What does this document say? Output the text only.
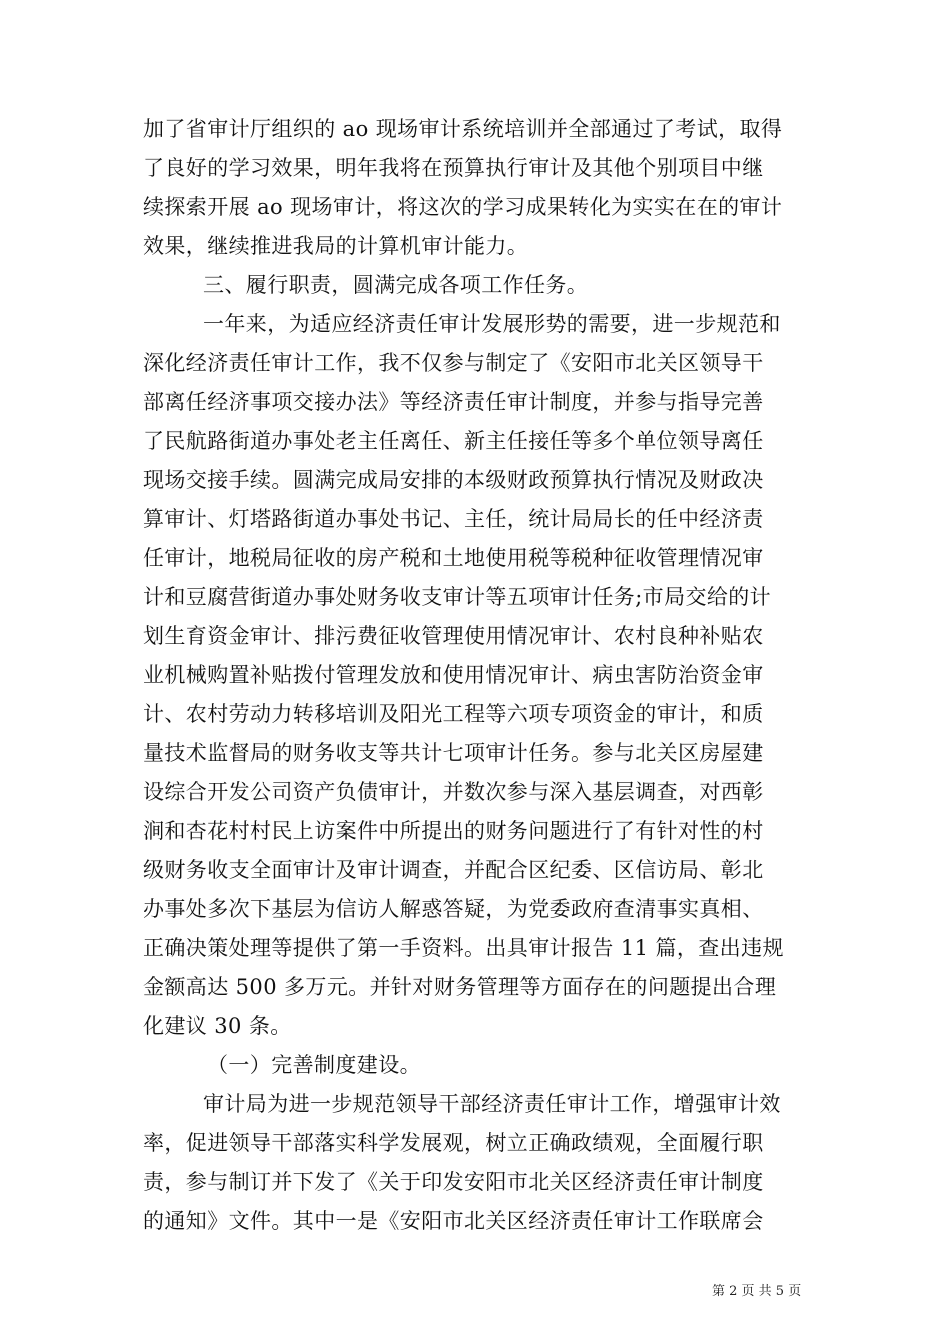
加了省审计厅组织的 ao 现场审计系统培训并全部通过了考试，取得
了良好的学习效果，明年我将在预算执行审计及其他个别项目中继
续探索开展 ao 现场审计，将这次的学习成果转化为实实在在的审计
效果，继续推进我局的计算机审计能力。
三、履行职责，圆满完成各项工作任务。
一年来，为适应经济责任审计发展形势的需要，进一步规范和
深化经济责任审计工作，我不仅参与制定了《安阳市北关区领导干
部离任经济事项交接办法》等经济责任审计制度，并参与指导完善
了民航路街道办事处老主任离任、新主任接任等多个单位领导离任
现场交接手续。圆满完成局安排的本级财政预算执行情况及财政决
算审计、灯塔路街道办事处书记、主任，统计局局长的任中经济责
任审计，地税局征收的房产税和土地使用税等税种征收管理情况审
计和豆腐营街道办事处财务收支审计等五项审计任务;市局交给的计
划生育资金审计、排污费征收管理使用情况审计、农村良种补贴农
业机械购置补贴拨付管理发放和使用情况审计、病虫害防治资金审
计、农村劳动力转移培训及阳光工程等六项专项资金的审计，和质
量技术监督局的财务收支等共计七项审计任务。参与北关区房屋建
设综合开发公司资产负债审计，并数次参与深入基层调查，对西彰
涧和杏花村村民上访案件中所提出的财务问题进行了有针对性的村
级财务收支全面审计及审计调查，并配合区纪委、区信访局、彰北
办事处多次下基层为信访人解惑答疑，为党委政府查清事实真相、
正确决策处理等提供了第一手资料。出具审计报告 11 篇，查出违规
金额高达 500 多万元。并针对财务管理等方面存在的问题提出合理
化建议 30 条。
（一）完善制度建设。
审计局为进一步规范领导干部经济责任审计工作，增强审计效
率，促进领导干部落实科学发展观，树立正确政绩观，全面履行职
责，参与制订并下发了《关于印发安阳市北关区经济责任审计制度
的通知》文件。其中一是《安阳市北关区经济责任审计工作联席会
第 2 页 共 5 页
